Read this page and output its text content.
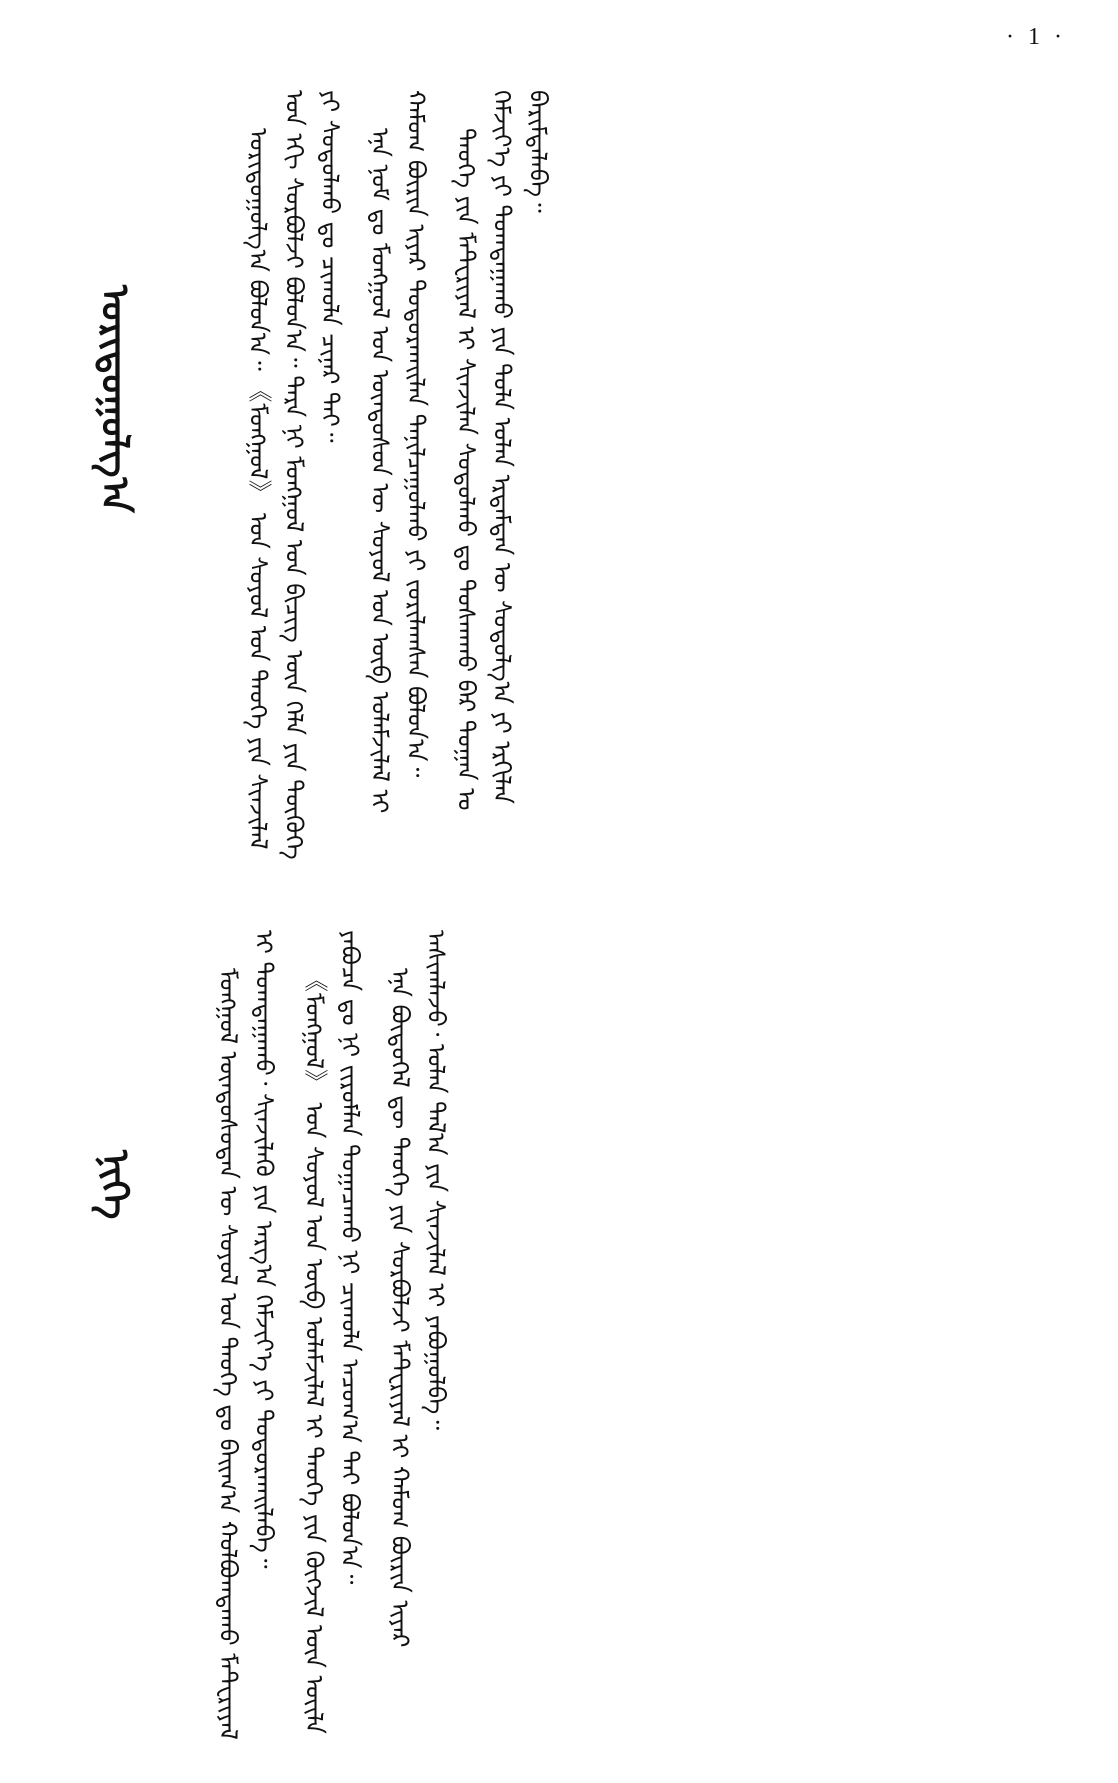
· 1 ·
ᠤᠷᠢᠳᠤᠭᠤᠯᠭ᠎ᠠ
ᠨᠢᠭᠡ

ᠤᠷᠢᠳᠤᠭᠤᠯᠭ᠎ᠠ ᠪᠣᠯᠤᠨ᠎ᠠ᠃ 《ᠮᠣᠩᠭᠤᠯ》 ᠤᠨ ᠰᠣᠶᠣᠯ ᠤᠨ ᠲᠡᠦᠬᠡ ᠶᠢᠨ ᠰᠢᠨᠵᠢᠯᠡᠯ ᠤᠨ ᠡᠬᠢ ᠰᠤᠷᠪᠤᠯᠵᠢ ᠪᠣᠯᠤᠨ᠎ᠠ᠃ ᠲᠡᠷᠡ ᠨᠢ ᠮᠣᠩᠭᠤᠯ ᠤᠨ ᠪᠢᠴᠢᠭ ᠦᠨ ᠬᠡᠯᠡ ᠶᠢᠨ ᠲᠦᠭᠦᠬᠡ ᠶᠢ ᠰᠤᠳᠤᠯᠬᠤ ᠳᠤ ᠴᠢᠬᠤᠯᠠ ᠴᠢᠨᠠᠷ ᠲᠠᠢ᠃ ᠡᠨᠡ ᠨᠣᠮ ᠳᠤ ᠮᠣᠩᠭᠤᠯ ᠤᠨ ᠦᠨᠳᠦᠰᠦᠨ ᠦ ᠰᠣᠶᠣᠯ ᠤᠨ ᠦᠪ ᠤᠯᠠᠮᠵᠢᠯᠠᠯ ᠢ ᠬᠠᠮᠤᠭ ᠪᠦᠷᠢᠨ ᠢᠶᠡᠷ ᠲᠣᠳᠤᠷᠬᠠᠢᠯᠠᠨ ᠲᠠᠨᠢᠯᠴᠠᠭᠤᠯᠬᠤ ᠶᠢ ᠵᠣᠷᠢᠯᠠᠭᠰᠠᠨ ᠪᠣᠯᠤᠨ᠎ᠠ᠃ ᠲᠡᠦᠬᠡ ᠶᠢᠨ ᠮᠠᠲ᠋ᠧᠷᠢᠶᠠᠯ ᠢ ᠰᠢᠨᠵᠢᠯᠡᠨ ᠰᠣᠳᠤᠯᠬᠤ ᠳᠤ ᠳᠤᠰᠬᠠᠬᠤ ᠪᠠᠷ ᠲᠣᠭᠠᠨ ᠤ ᠬᠡᠮᠵᠢᠶ᠎ᠡ ᠶᠢ ᠲᠣᠭᠲᠠᠭᠠᠬᠤ ᠶᠢᠨ ᠲᠤᠯᠠ ᠣᠯᠠᠨ ᠡᠷᠳᠡᠮᠳᠡᠨ ᠦ ᠰᠤᠳᠤᠯᠭ᠎ᠠ ᠶᠢ ᠡᠷᠬᠢᠯᠡᠨ ᠪᠠᠷᠢᠮᠲᠠᠯᠠᠪᠠ᠃

ᠮᠣᠩᠭᠤᠯ ᠦᠨᠳᠦᠰᠦᠲᠡᠨ ᠦ ᠰᠣᠶᠣᠯ ᠤᠨ ᠲᠡᠦᠬᠡ ᠳᠤ ᠪᠠᠢᠭ᠎ᠠ ᠬᠣᠯᠪᠣᠭᠳᠠᠬᠤ ᠮᠠᠲ᠋ᠧᠷᠢᠶᠠᠯ ᠢ ᠲᠣᠭᠲᠠᠭᠠᠬᠤ᠂ ᠰᠢᠨᠵᠢᠯᠡᠬᠦ ᠶᠢᠨ ᠠᠷᠭ᠎ᠠ ᠬᠡᠮᠵᠢᠶ᠎ᠡ ᠶᠢ ᠲᠣᠳᠤᠷᠬᠠᠢᠯᠠᠪᠠ᠃ 《ᠮᠣᠩᠭᠤᠯ》 ᠤᠨ ᠰᠣᠶᠣᠯ ᠤᠨ ᠦᠪ ᠤᠯᠠᠮᠵᠢᠯᠠᠯ ᠢ ᠲᠡᠦᠬᠡ ᠶᠢᠨ ᠬᠥᠭᠵᠢᠯ ᠦᠨ ᠦᠢᠯᠡ ᠶᠠᠪᠤᠴᠠ ᠳᠤ ᠨᠢ ᠵᠢᠷᠤᠮᠯᠠᠨ ᠲᠣᠭᠠᠴᠠᠬᠤ ᠨᠢ ᠴᠢᠬᠤᠯᠠ ᠠᠴᠤᠭ᠎ᠠ ᠲᠠᠢ ᠪᠣᠯᠤᠨ᠎ᠠ᠃ ᠡᠨᠡ ᠪᠦᠲᠦᠭᠡᠯ ᠳᠦ ᠲᠡᠦᠬᠡ ᠶᠢᠨ ᠰᠤᠷᠪᠤᠯᠵᠢ ᠮᠠᠲ᠋ᠧᠷᠢᠶᠠᠯ ᠢ ᠬᠠᠮᠤᠭ ᠪᠦᠷᠢᠨ ᠢᠶᠡᠷ ᠠᠰᠢᠭᠯᠠᠵᠤ᠂ ᠣᠯᠠᠨ ᠲᠠᠯ᠎ᠠ ᠶᠢᠨ ᠰᠢᠨᠵᠢᠯᠡᠯ ᠢ ᠶᠠᠪᠤᠭᠤᠯᠪᠠ᠃
